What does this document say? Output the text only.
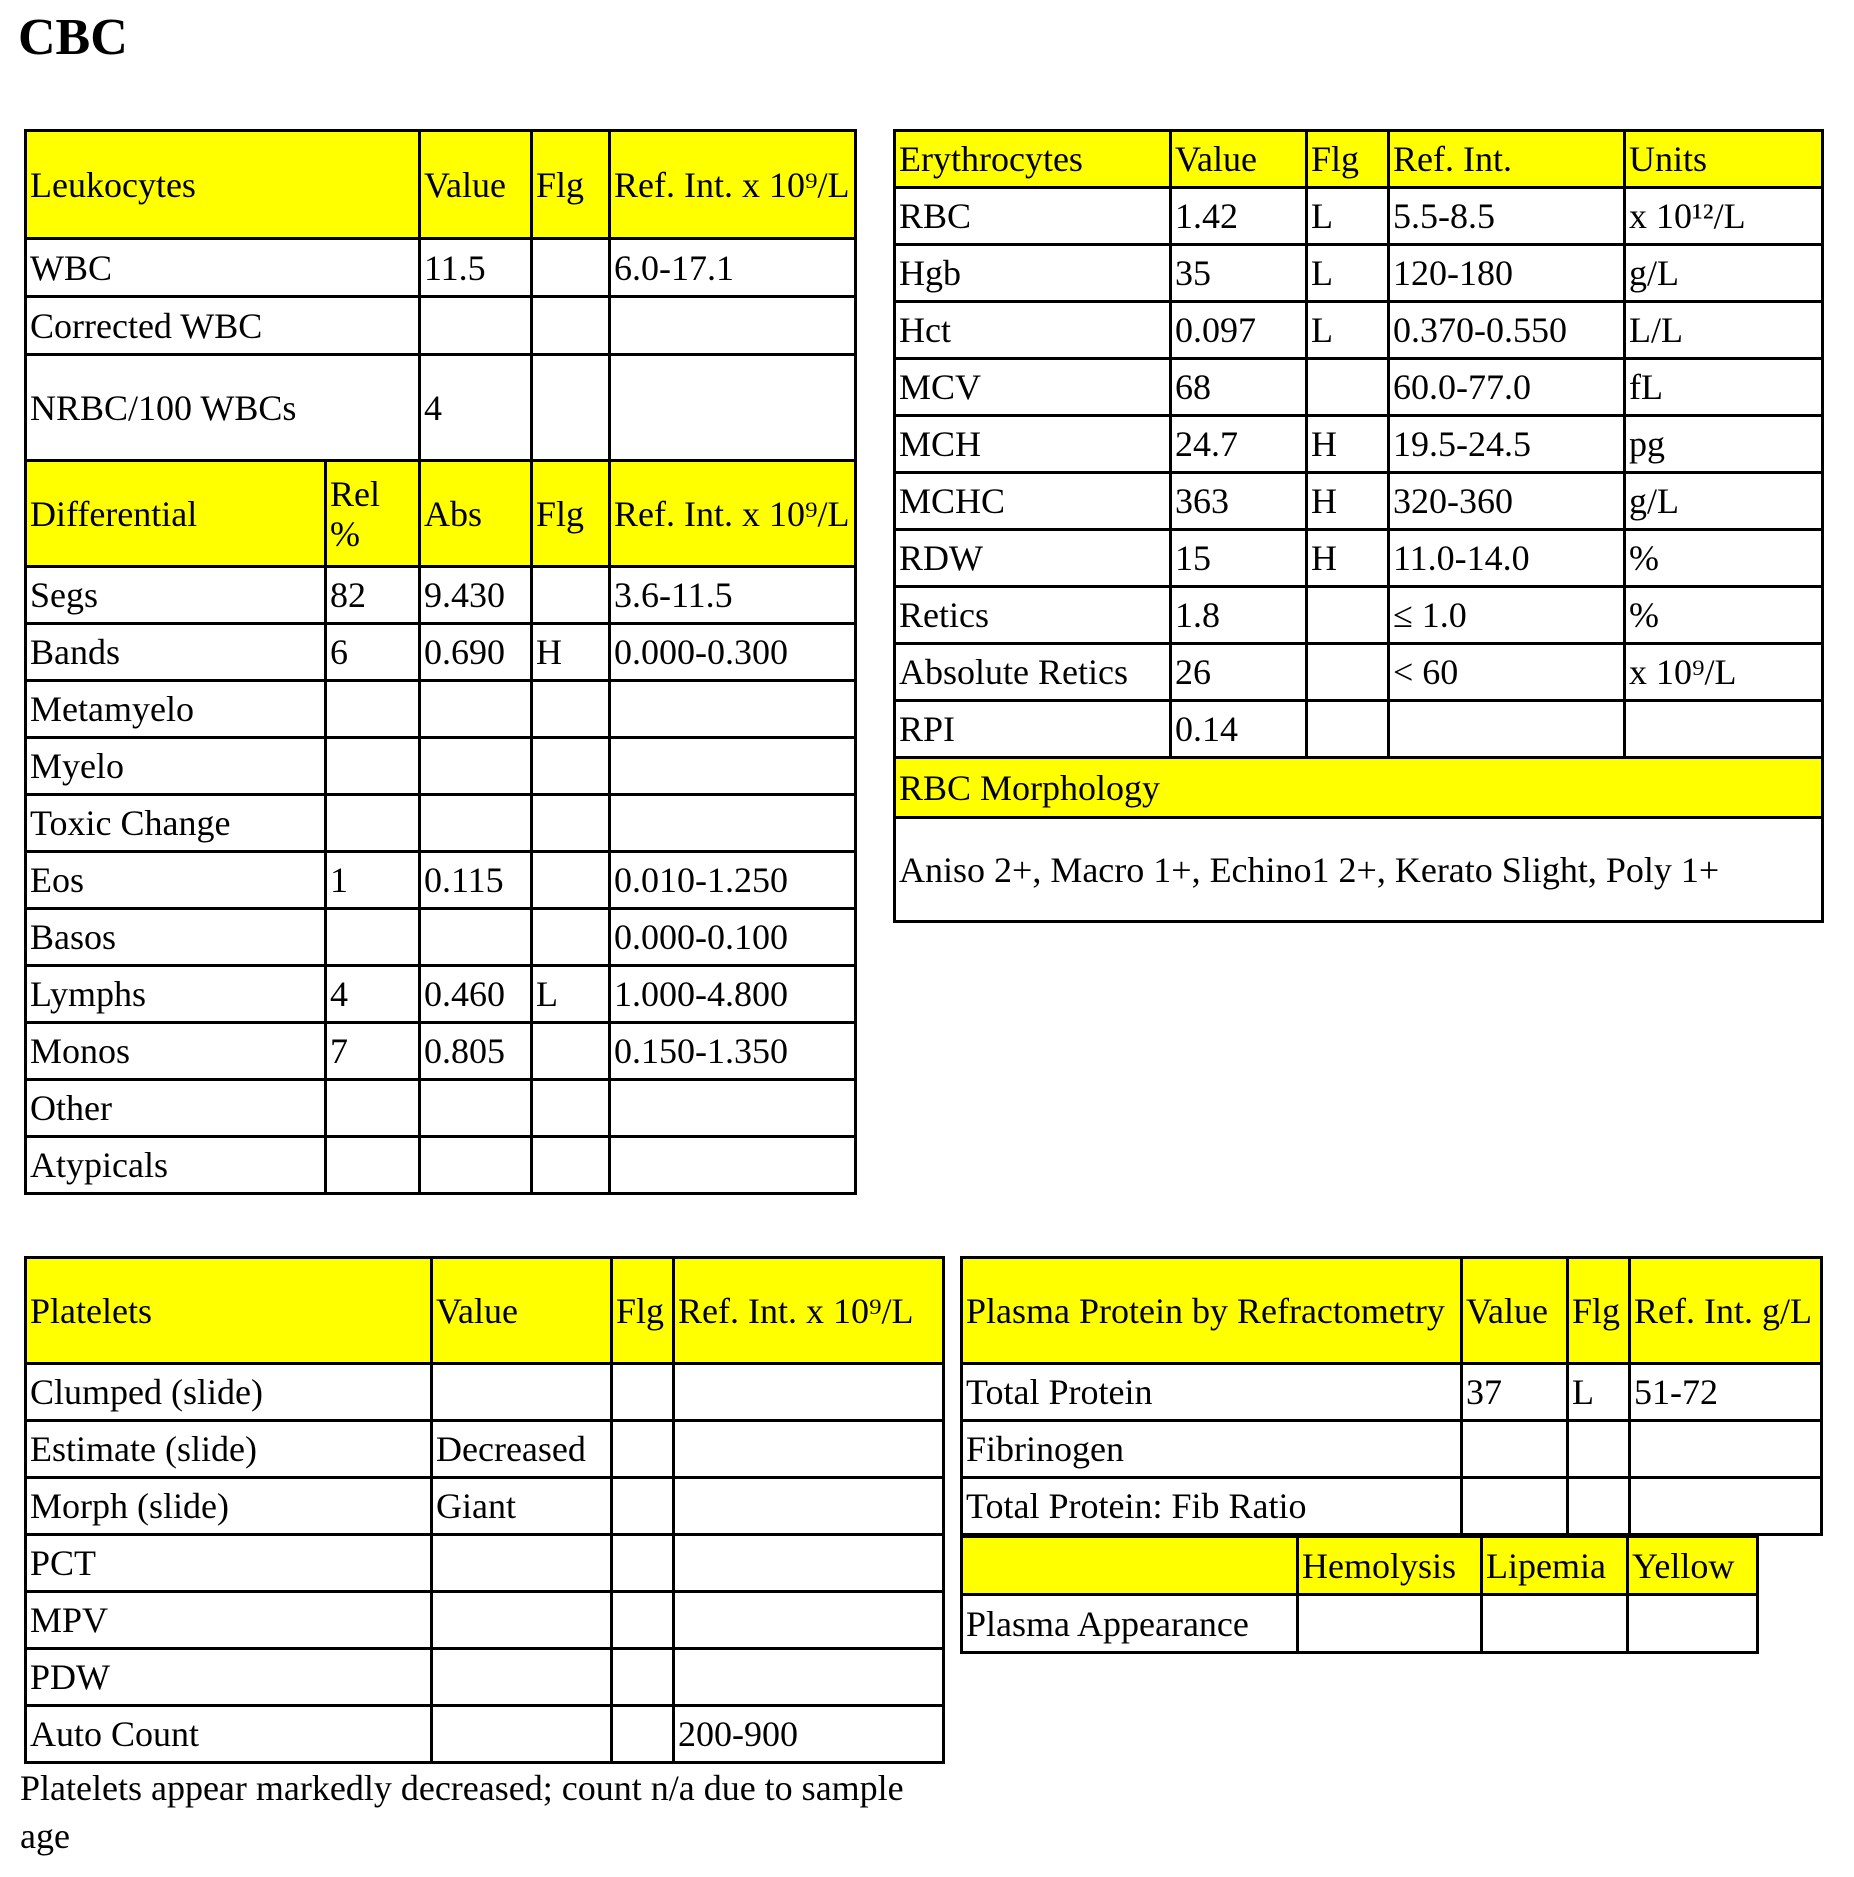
CBC
Leukocytes		Value	Flg	Ref. Int. x 10⁹/L
WBC		11.5		6.0-17.1
Corrected WBC				
NRBC/100 WBCs		4		
Differential	Rel %	Abs	Flg	Ref. Int. x 10⁹/L
Segs	82	9.430		3.6-11.5
Bands	6	0.690	H	0.000-0.300
Metamyelo				
Myelo				
Toxic Change				
Eos	1	0.115		0.010-1.250
Basos				0.000-0.100
Lymphs	4	0.460	L	1.000-4.800
Monos	7	0.805		0.150-1.350
Other				
Atypicals				
Erythrocytes	Value	Flg	Ref. Int.	Units
RBC	1.42	L	5.5-8.5	x 10¹²/L
Hgb	35	L	120-180	g/L
Hct	0.097	L	0.370-0.550	L/L
MCV	68		60.0-77.0	fL
MCH	24.7	H	19.5-24.5	pg
MCHC	363	H	320-360	g/L
RDW	15	H	11.0-14.0	%
Retics	1.8		≤ 1.0	%
Absolute Retics	26		< 60	x 10⁹/L
RPI	0.14			
RBC Morphology				
Aniso 2+, Macro 1+, Echino1 2+, Kerato Slight, Poly 1+				
Platelets	Value	Flg	Ref. Int. x 10⁹/L
Clumped (slide)			
Estimate (slide)	Decreased		
Morph (slide)	Giant		
PCT			
MPV			
PDW			
Auto Count			200-900
Platelets appear markedly decreased; count n/a due to sample age
Plasma Protein by Refractometry	Value	Flg	Ref. Int. g/L
Total Protein	37	L	51-72
Fibrinogen			
Total Protein: Fib Ratio			
	Hemolysis	Lipemia	Yellow
Plasma Appearance			
